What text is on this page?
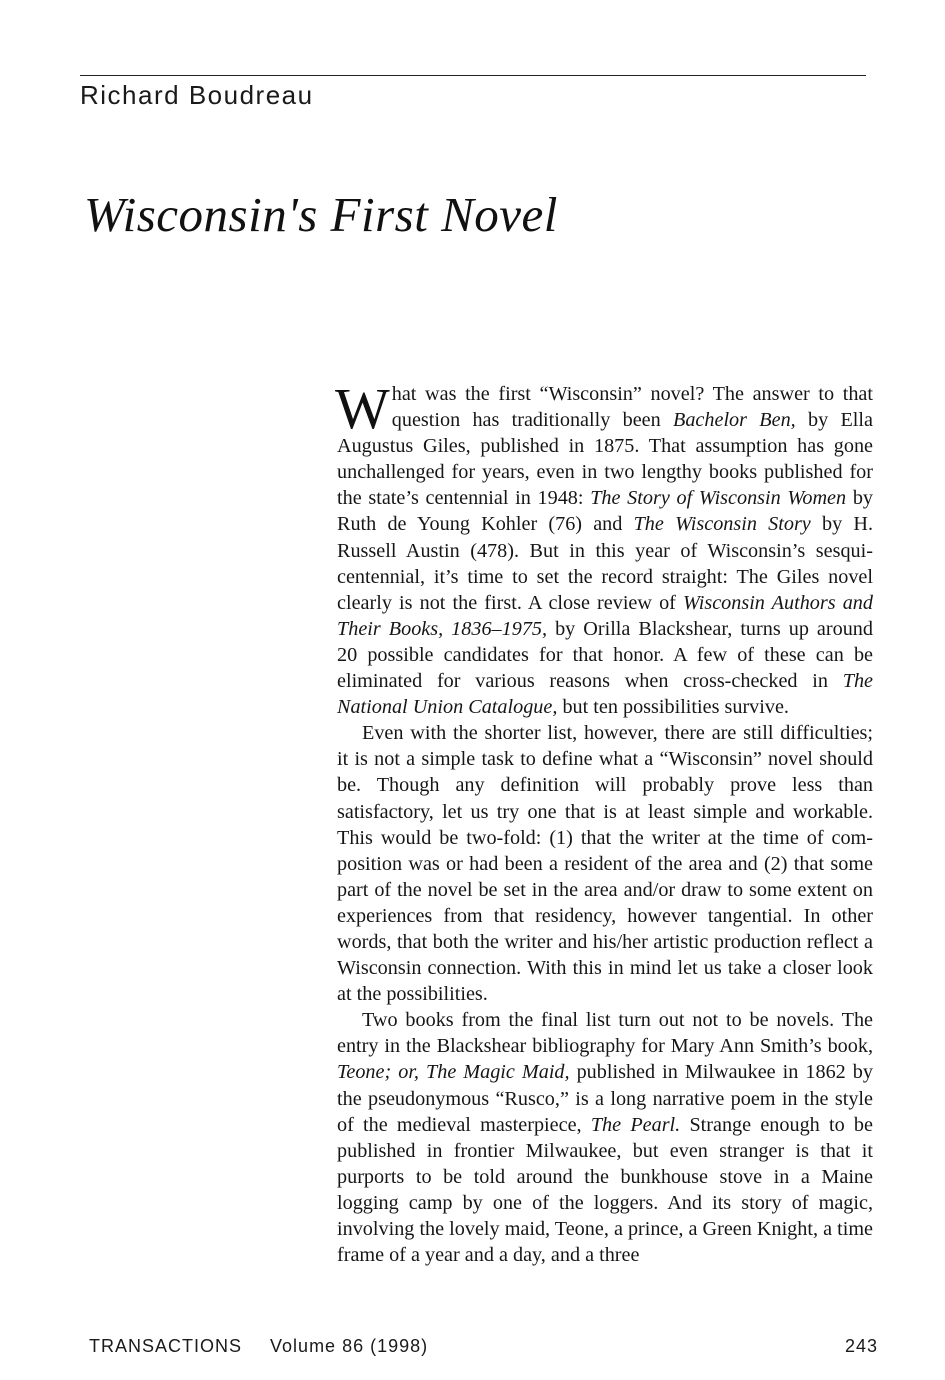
Richard Boudreau
Wisconsin's First Novel

What was the first “Wisconsin” novel? The answer to that question has traditionally been Bachelor Ben, by Ella Augustus Giles, published in 1875. That assumption has gone unchallenged for years, even in two lengthy books published for the state’s centennial in 1948: The Story of Wisconsin Women by Ruth de Young Kohler (76) and The Wisconsin Story by H. Russell Austin (478). But in this year of Wisconsin’s sesquicentennial, it’s time to set the record straight: The Giles novel clearly is not the first. A close review of Wisconsin Authors and Their Books, 1836–1975, by Orilla Blackshear, turns up around 20 possible candidates for that honor. A few of these can be eliminated for various reasons when cross-checked in The National Union Catalogue, but ten possibilities survive.

Even with the shorter list, however, there are still difficulties; it is not a simple task to define what a “Wisconsin” novel should be. Though any definition will probably prove less than satisfactory, let us try one that is at least simple and workable. This would be two-fold: (1) that the writer at the time of composition was or had been a resident of the area and (2) that some part of the novel be set in the area and/or draw to some extent on experiences from that residency, however tangential. In other words, that both the writer and his/her artistic production reflect a Wisconsin connection. With this in mind let us take a closer look at the possibilities.

Two books from the final list turn out not to be novels. The entry in the Blackshear bibliography for Mary Ann Smith’s book, Teone; or, The Magic Maid, published in Milwaukee in 1862 by the pseudonymous “Rusco,” is a long narrative poem in the style of the medieval masterpiece, The Pearl. Strange enough to be published in frontier Milwaukee, but even stranger is that it purports to be told around the bunkhouse stove in a Maine logging camp by one of the loggers. And its story of magic, involving the lovely maid, Teone, a prince, a Green Knight, a time frame of a year and a day, and a three

TRANSACTIONS Volume 86 (1998)	243
